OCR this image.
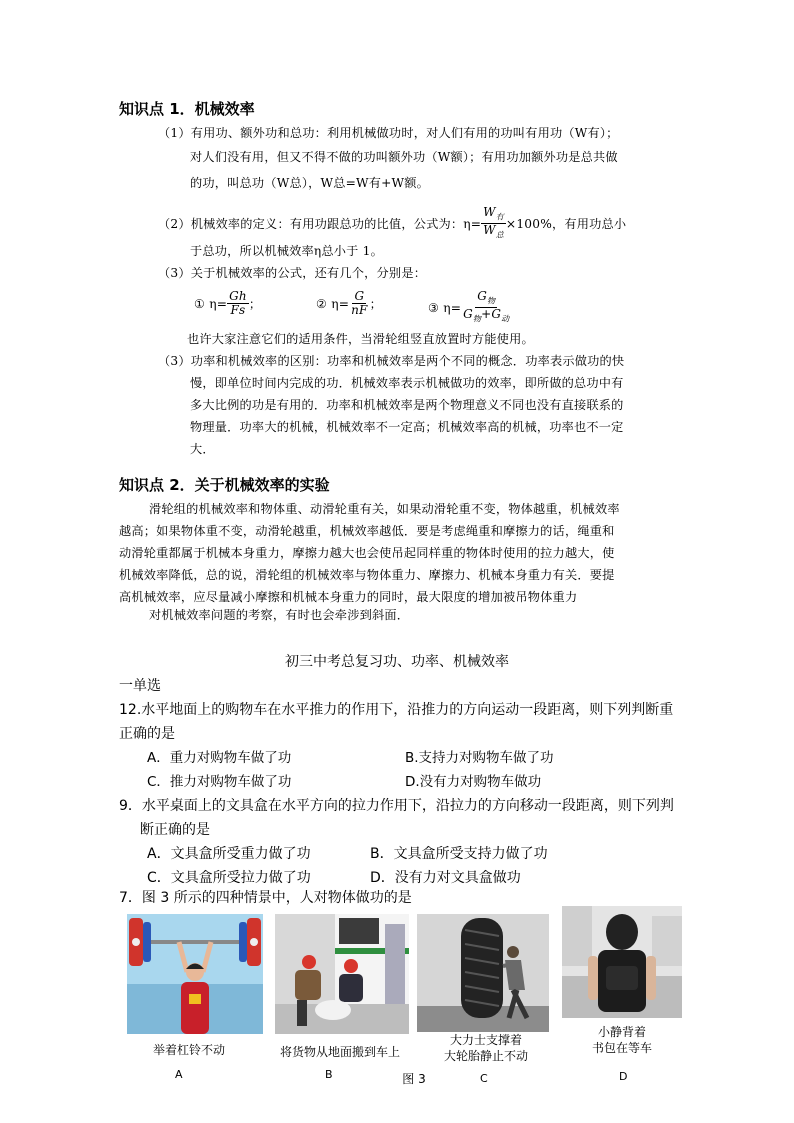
知识点 1．机械效率
（1）有用功、额外功和总功：利用机械做功时，对人们有用的功叫有用功（W有）；
对人们没有用，但又不得不做的功叫额外功（W额）；有用功加额外功是总共做
的功，叫总功（W总），W总=W有+W额。
（2）机械效率的定义：有用功跟总功的比值，公式为：$\eta= \frac{W_有}{W_总} \times 100\%$，有用功总小
于总功，所以机械效率η总小于 1。
（3）关于机械效率的公式，还有几个，分别是：
① $\eta= \frac{Gh}{Fs}$ ；	② $\eta= \frac{G}{nF}$ ；	③ $\eta= \frac{G_物}{G_物+G_动}$
也许大家注意它们的适用条件，当滑轮组竖直放置时方能使用。
（3）功率和机械效率的区别：功率和机械效率是两个不同的概念．功率表示做功的快
慢，即单位时间内完成的功．机械效率表示机械做功的效率，即所做的总功中有
多大比例的功是有用的．功率和机械效率是两个物理意义不同也没有直接联系的
物理量．功率大的机械，机械效率不一定高；机械效率高的机械，功率也不一定
大．
知识点 2．关于机械效率的实验
滑轮组的机械效率和物体重、动滑轮重有关，如果动滑轮重不变，物体越重，机械效率
越高；如果物体重不变，动滑轮越重，机械效率越低．要是考虑绳重和摩擦力的话，绳重和
动滑轮重都属于机械本身重力，摩擦力越大也会使吊起同样重的物体时使用的拉力越大，使
机械效率降低，总的说，滑轮组的机械效率与物体重力、摩擦力、机械本身重力有关．要提
高机械效率，应尽量减小摩擦和机械本身重力的同时，最大限度的增加被吊物体重力
对机械效率问题的考察，有时也会牵涉到斜面．
初三中考总复习功、功率、机械效率
一单选
12.水平地面上的购物车在水平推力的作用下，沿推力的方向运动一段距离，则下列判断重
正确的是
A．重力对购物车做了功	B.支持力对购物车做了功
C．推力对购物车做了功	D.没有力对购物车做功
9．水平桌面上的文具盒在水平方向的拉力作用下，沿拉力的方向移动一段距离，则下列判
断正确的是
A．文具盒所受重力做了功	B．文具盒所受支持力做了功
C．文具盒所受拉力做了功	D．没有力对文具盒做功
7．图 3 所示的四种情景中，人对物体做功的是
举着杠铃不动
A
将货物从地面搬到车上
B
大力士支撑着
大轮胎静止不动
C
小静背着
书包在等车
D
图 3
